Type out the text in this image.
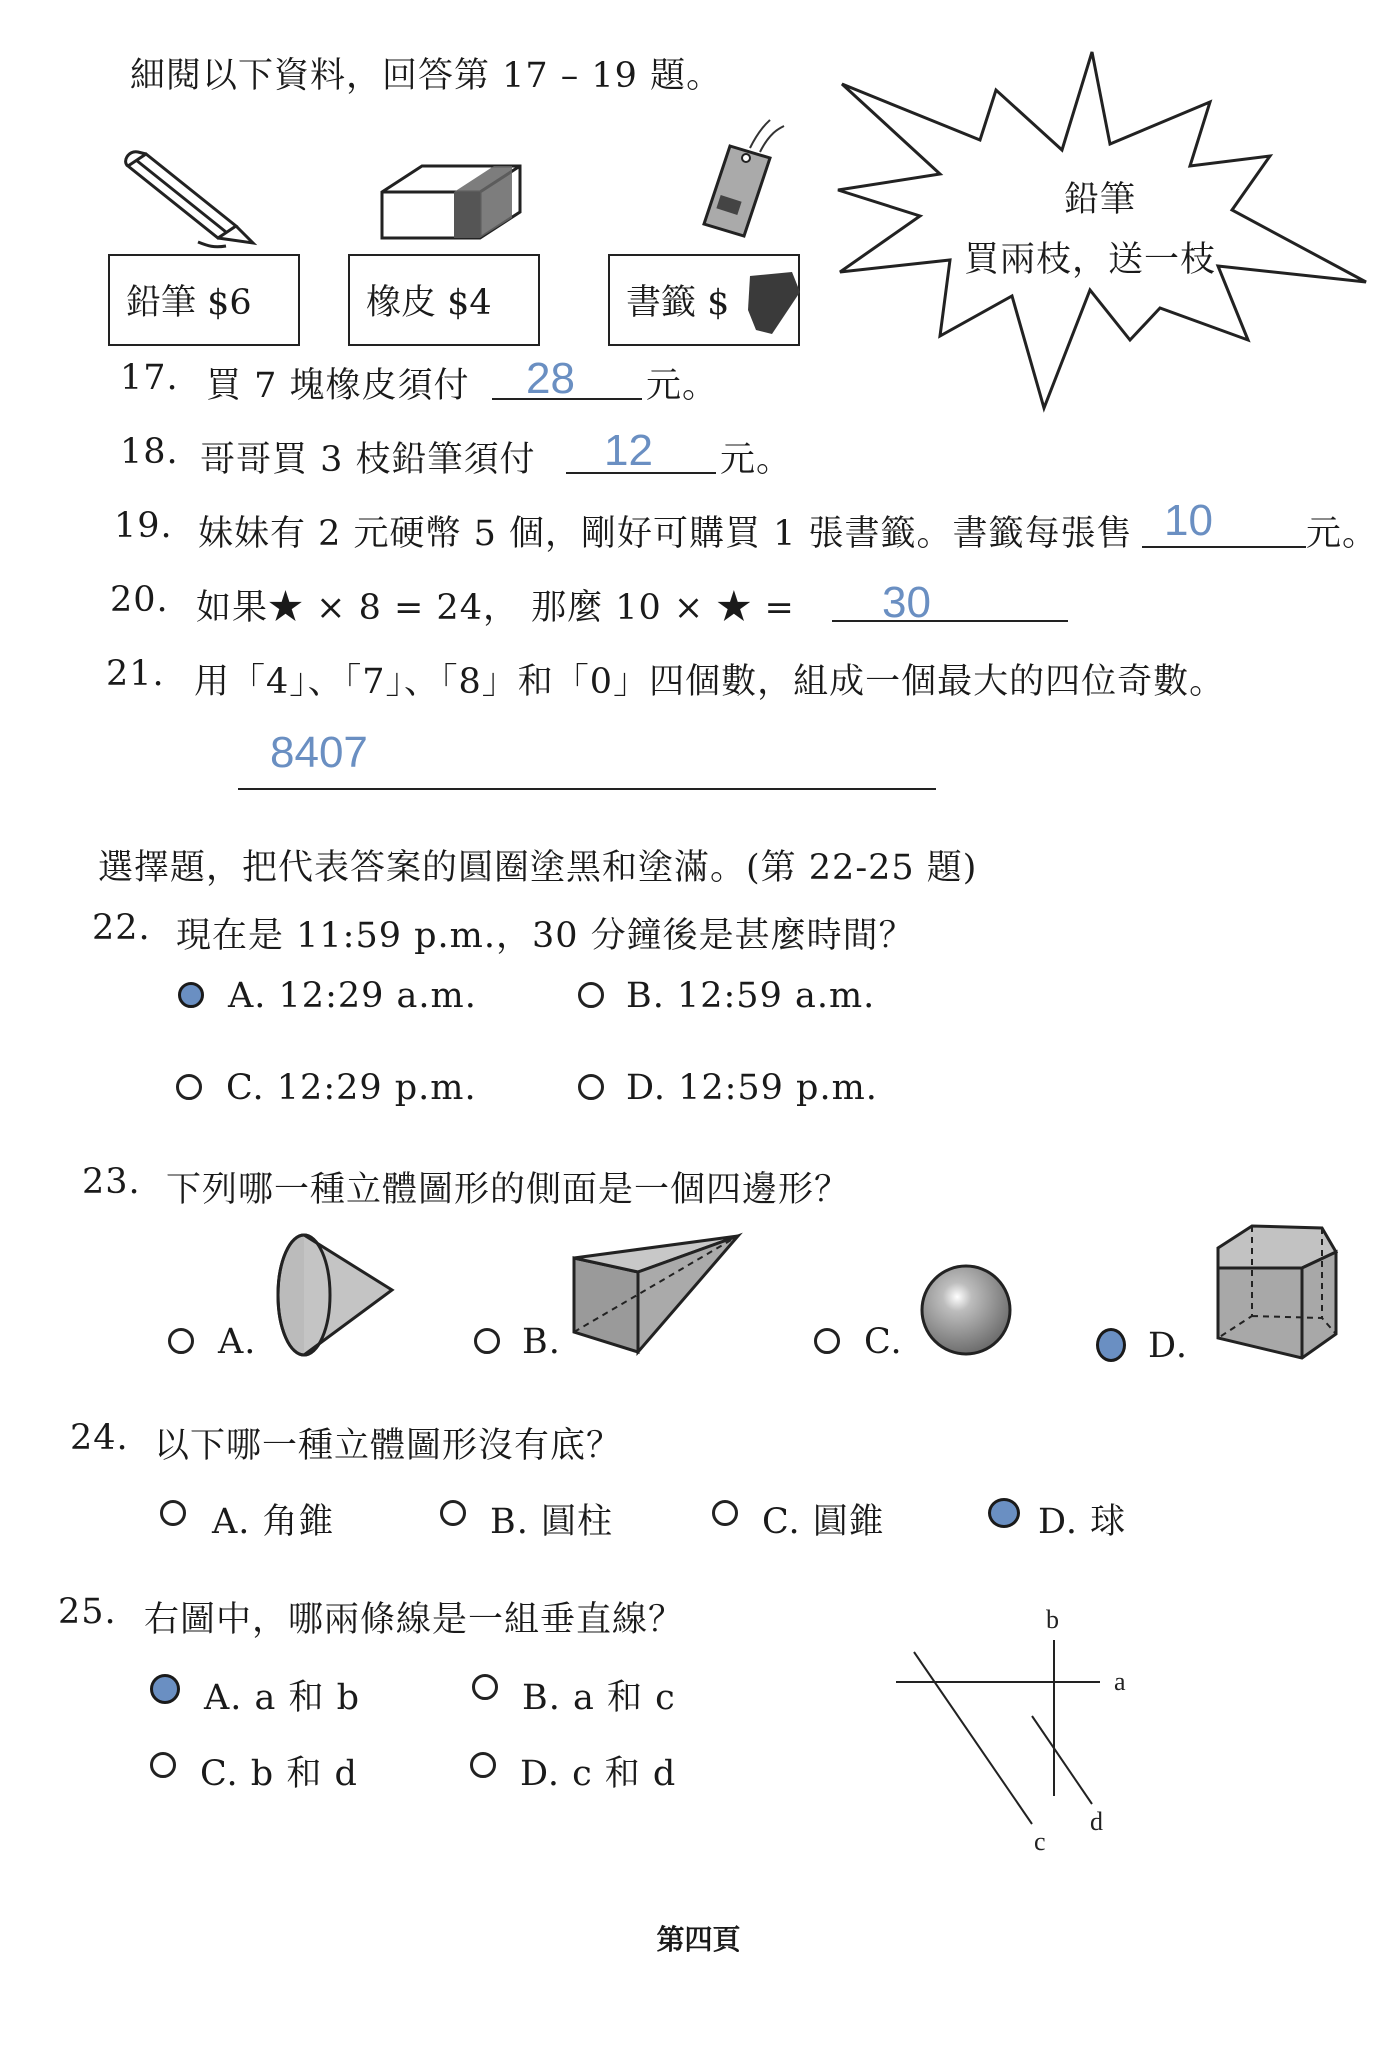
細閱以下資料，回答第 17 – 19 題。
鉛筆 $6	橡皮 $4	書籤 $
鉛筆
買兩枝，送一枝
17. 買 7 塊橡皮須付 28 元。
18. 哥哥買 3 枝鉛筆須付 12 元。
19. 妹妹有 2 元硬幣 5 個，剛好可購買 1 張書籤。書籤每張售 10	元。
20. 如果★ × 8 = 24， 那麼 10 × ★ = 30
21. 用「4」、「7」、「8」和「0」四個數，組成一個最大的四位奇數。
8407
選擇題，把代表答案的圓圈塗黑和塗滿。(第 22-25 題)
22. 現在是 11:59 p.m.，30 分鐘後是甚麼時間？
A. 12:29 a.m.	B. 12:59 a.m.
C. 12:29 p.m.	D. 12:59 p.m.
23. 下列哪一種立體圖形的側面是一個四邊形？
A.	B.	C.	D.
24. 以下哪一種立體圖形沒有底？
A. 角錐	B. 圓柱	C. 圓錐	D. 球
25. 右圖中，哪兩條線是一組垂直線？
A. a 和 b	B. a 和 c
C. b 和 d	D. c 和 d
b
a
d
c
第四頁
